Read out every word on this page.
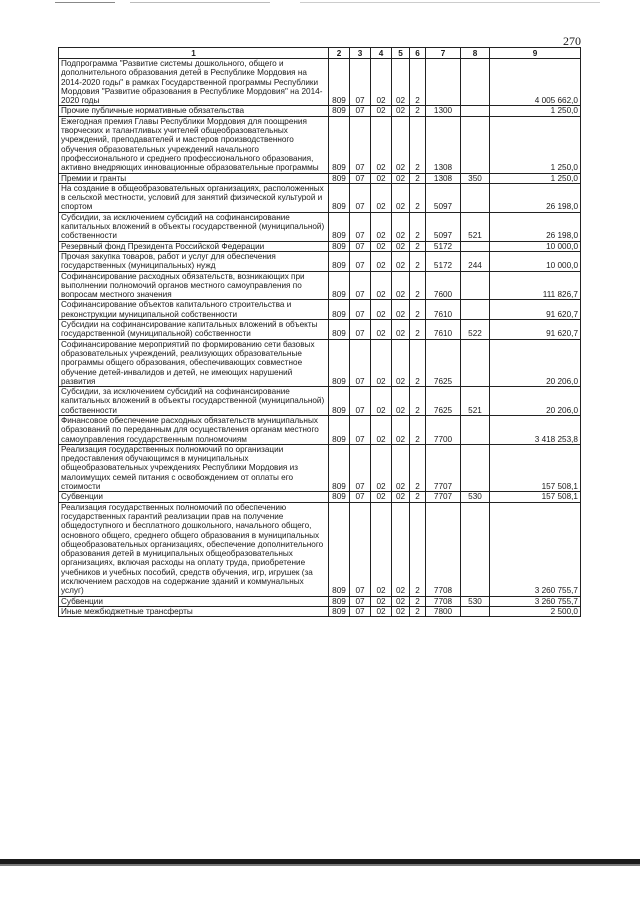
270
1	2	3	4	5	6	7	8	9
Подпрограмма "Развитие системы дошкольного, общего и дополнительного образования детей в Республике Мордовия на 2014-2020 годы" в рамках Государственной программы Республики Мордовия "Развитие образования в Республике Мордовия" на 2014-2020 годы	809	07	02	02	2			4 005 662,0
Прочие публичные нормативные обязательства	809	07	02	02	2	1300		1 250,0
Ежегодная премия Главы Республики Мордовия для поощрения творческих и талантливых учителей общеобразовательных учреждений, преподавателей и мастеров производственного обучения образовательных учреждений начального профессионального и среднего профессионального образования, активно внедряющих инновационные образовательные программы	809	07	02	02	2	1308		1 250,0
Премии и гранты	809	07	02	02	2	1308	350	1 250,0
На создание в общеобразовательных организациях, расположенных в сельской местности, условий для занятий физической культурой и спортом	809	07	02	02	2	5097		26 198,0
Субсидии, за исключением субсидий на софинансирование капитальных вложений в объекты государственной (муниципальной) собственности	809	07	02	02	2	5097	521	26 198,0
Резервный фонд Президента Российской Федерации	809	07	02	02	2	5172		10 000,0
Прочая закупка товаров, работ и услуг для обеспечения государственных (муниципальных) нужд	809	07	02	02	2	5172	244	10 000,0
Софинансирование расходных обязательств, возникающих при выполнении полномочий органов местного самоуправления по вопросам местного значения	809	07	02	02	2	7600		111 826,7
Софинансирование объектов капитального строительства и реконструкции муниципальной собственности	809	07	02	02	2	7610		91 620,7
Субсидии на софинансирование капитальных вложений в объекты государственной (муниципальной) собственности	809	07	02	02	2	7610	522	91 620,7
Софинансирование мероприятий по формированию сети базовых образовательных учреждений, реализующих образовательные программы общего образования, обеспечивающих совместное обучение детей-инвалидов и детей, не имеющих нарушений развития	809	07	02	02	2	7625		20 206,0
Субсидии, за исключением субсидий на софинансирование капитальных вложений в объекты государственной (муниципальной) собственности	809	07	02	02	2	7625	521	20 206,0
Финансовое обеспечение расходных обязательств муниципальных образований по переданным для осуществления органам местного самоуправления государственным полномочиям	809	07	02	02	2	7700		3 418 253,8
Реализация государственных полномочий по организации предоставления обучающимся в муниципальных общеобразовательных учреждениях Республики Мордовия из малоимущих семей питания с освобождением от оплаты его стоимости	809	07	02	02	2	7707		157 508,1
Субвенции	809	07	02	02	2	7707	530	157 508,1
Реализация государственных полномочий по обеспечению государственных гарантий реализации прав на получение общедоступного и бесплатного дошкольного, начального общего, основного общего, среднего общего образования в муниципальных общеобразовательных организациях, обеспечение дополнительного образования детей в муниципальных общеобразовательных организациях, включая расходы на оплату труда, приобретение учебников и учебных пособий, средств обучения, игр, игрушек (за исключением расходов на содержание зданий и коммунальных услуг)	809	07	02	02	2	7708		3 260 755,7
Субвенции	809	07	02	02	2	7708	530	3 260 755,7
Иные межбюджетные трансферты	809	07	02	02	2	7800		2 500,0
